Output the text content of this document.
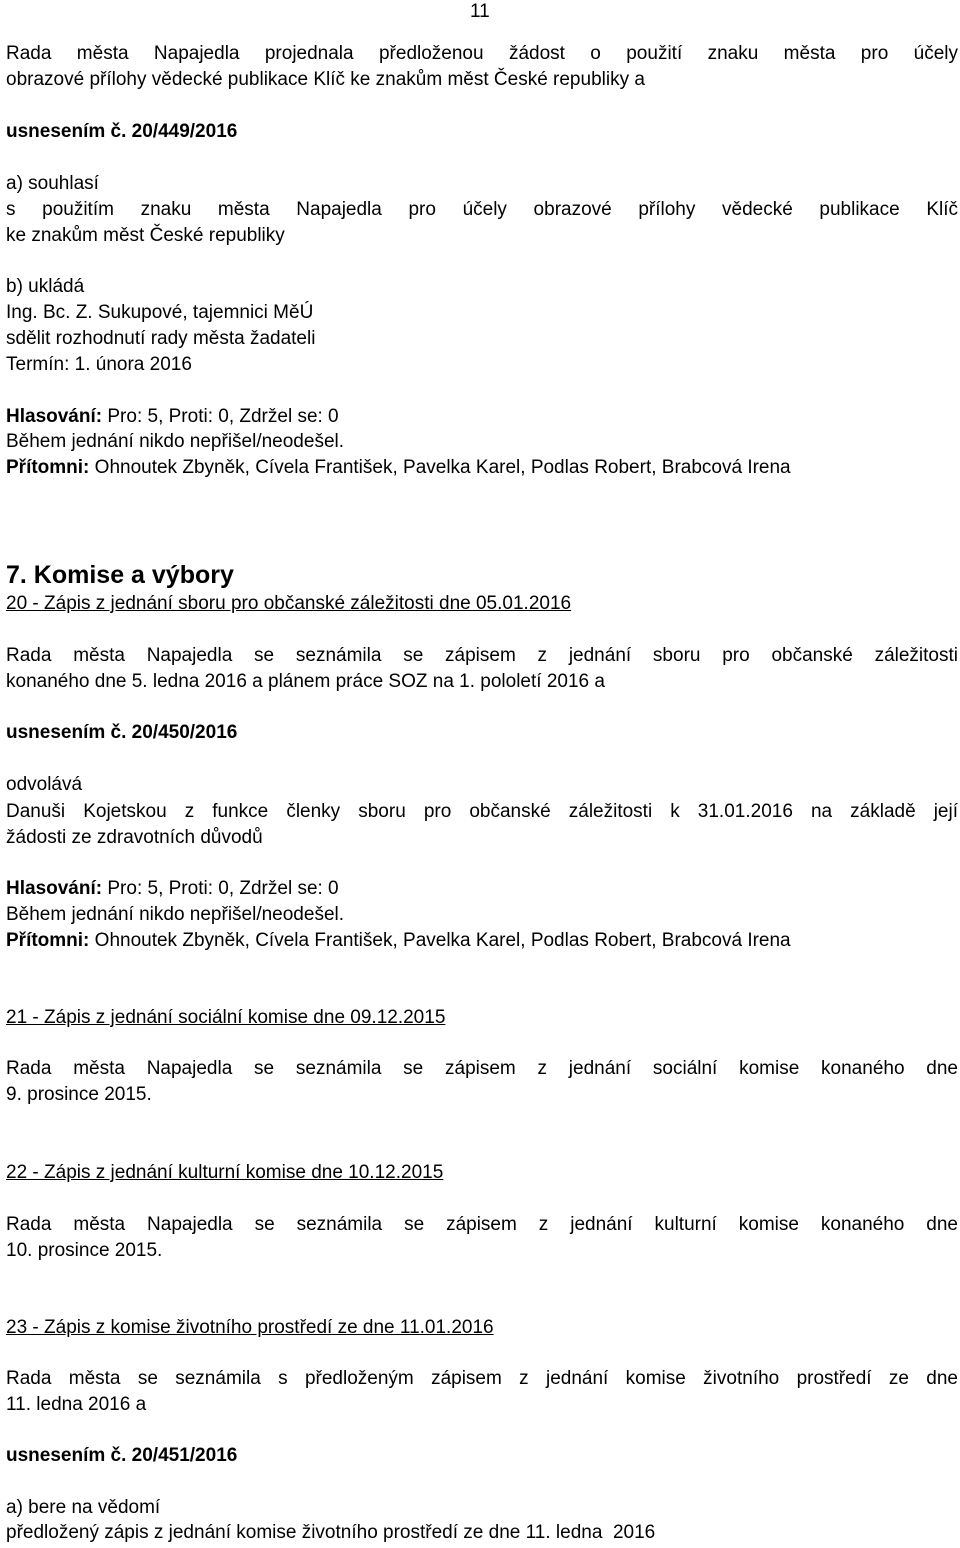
11
Rada města Napajedla projednala předloženou žádost o použití znaku města pro účely
obrazové přílohy vědecké publikace Klíč ke znakům měst České republiky a
usnesením č. 20/449/2016
a) souhlasí
s použitím znaku města Napajedla pro účely obrazové přílohy vědecké publikace Klíč
ke znakům měst České republiky
b) ukládá
Ing. Bc. Z. Sukupové, tajemnici MěÚ
sdělit rozhodnutí rady města žadateli
Termín: 1. února 2016
Hlasování: Pro: 5, Proti: 0, Zdržel se: 0
Během jednání nikdo nepřišel/neodešel.
Přítomni: Ohnoutek Zbyněk, Cívela František, Pavelka Karel, Podlas Robert, Brabcová Irena
7. Komise a výbory
20 - Zápis z jednání sboru pro občanské záležitosti dne 05.01.2016
Rada města Napajedla se seznámila se zápisem z jednání sboru pro občanské záležitosti
konaného dne 5. ledna 2016 a plánem práce SOZ na 1. pololetí 2016 a
usnesením č. 20/450/2016
odvolává
Danuši Kojetskou z funkce členky sboru pro občanské záležitosti k 31.01.2016 na základě její
žádosti ze zdravotních důvodů
Hlasování: Pro: 5, Proti: 0, Zdržel se: 0
Během jednání nikdo nepřišel/neodešel.
Přítomni: Ohnoutek Zbyněk, Cívela František, Pavelka Karel, Podlas Robert, Brabcová Irena
21 - Zápis z jednání sociální komise dne 09.12.2015
Rada města Napajedla se seznámila se zápisem z jednání sociální komise konaného dne
9. prosince 2015.
22 - Zápis z jednání kulturní komise dne 10.12.2015
Rada města Napajedla se seznámila se zápisem z jednání kulturní komise konaného dne
10. prosince 2015.
23 - Zápis z komise životního prostředí ze dne 11.01.2016
Rada města se seznámila s předloženým zápisem z jednání komise životního prostředí ze dne
11. ledna 2016 a
usnesením č. 20/451/2016
a) bere na vědomí
předložený zápis z jednání komise životního prostředí ze dne 11. ledna  2016
